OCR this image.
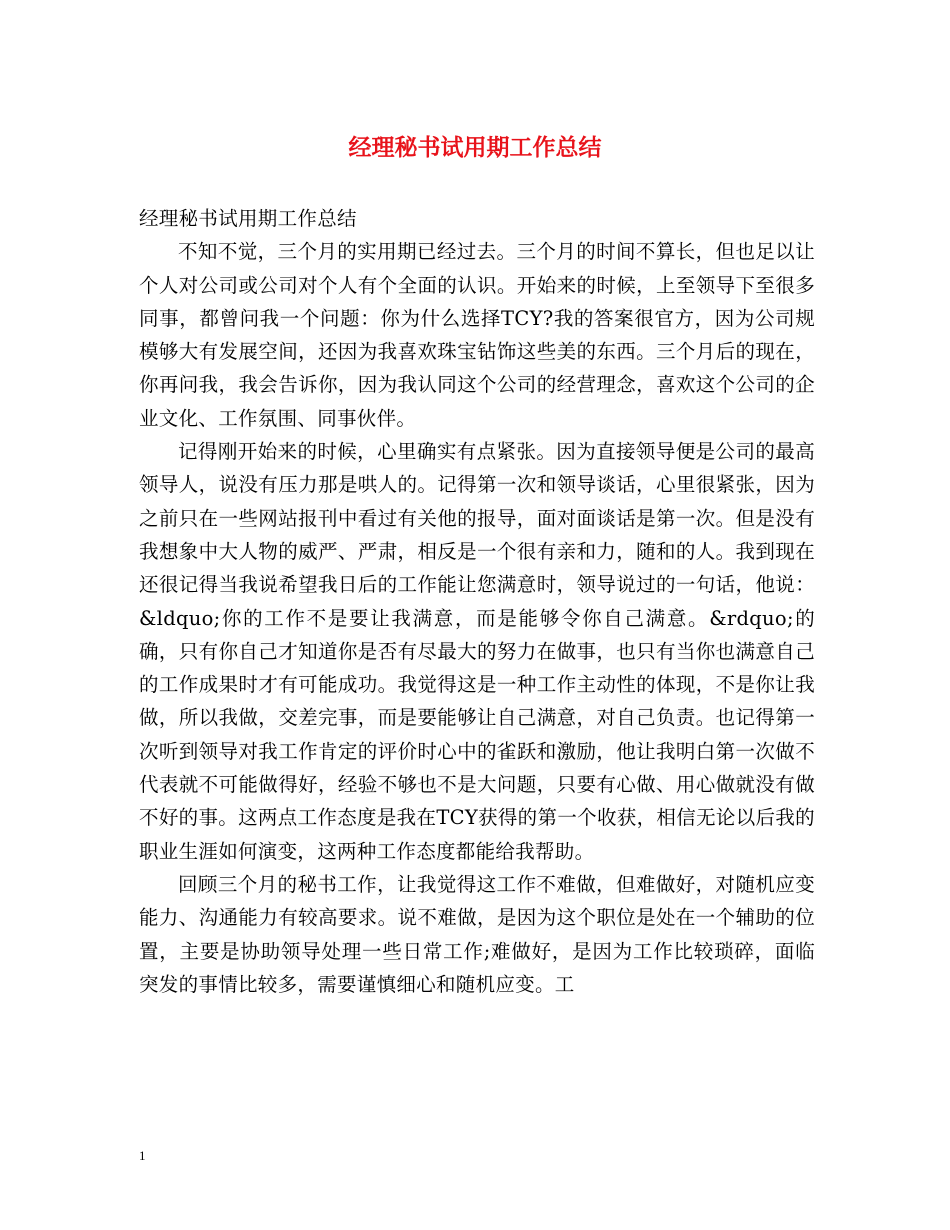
经理秘书试用期工作总结

经理秘书试用期工作总结

不知不觉，三个月的实用期已经过去。三个月的时间不算长，但也足以让个人对公司或公司对个人有个全面的认识。开始来的时候，上至领导下至很多同事，都曾问我一个问题：你为什么选择TCY?我的答案很官方，因为公司规模够大有发展空间，还因为我喜欢珠宝钻饰这些美的东西。三个月后的现在，你再问我，我会告诉你，因为我认同这个公司的经营理念，喜欢这个公司的企业文化、工作氛围、同事伙伴。

记得刚开始来的时候，心里确实有点紧张。因为直接领导便是公司的最高领导人，说没有压力那是哄人的。记得第一次和领导谈话，心里很紧张，因为之前只在一些网站报刊中看过有关他的报导，面对面谈话是第一次。但是没有我想象中大人物的威严、严肃，相反是一个很有亲和力，随和的人。我到现在还很记得当我说希望我日后的工作能让您满意时，领导说过的一句话，他说：&ldquo;你的工作不是要让我满意，而是能够令你自己满意。&rdquo;的确，只有你自己才知道你是否有尽最大的努力在做事，也只有当你也满意自己的工作成果时才有可能成功。我觉得这是一种工作主动性的体现，不是你让我做，所以我做，交差完事，而是要能够让自己满意，对自己负责。也记得第一次听到领导对我工作肯定的评价时心中的雀跃和激励，他让我明白第一次做不代表就不可能做得好，经验不够也不是大问题，只要有心做、用心做就没有做不好的事。这两点工作态度是我在TCY获得的第一个收获，相信无论以后我的职业生涯如何演变，这两种工作态度都能给我帮助。

回顾三个月的秘书工作，让我觉得这工作不难做，但难做好，对随机应变能力、沟通能力有较高要求。说不难做，是因为这个职位是处在一个辅助的位置，主要是协助领导处理一些日常工作;难做好，是因为工作比较琐碎，面临突发的事情比较多，需要谨慎细心和随机应变。工

1
